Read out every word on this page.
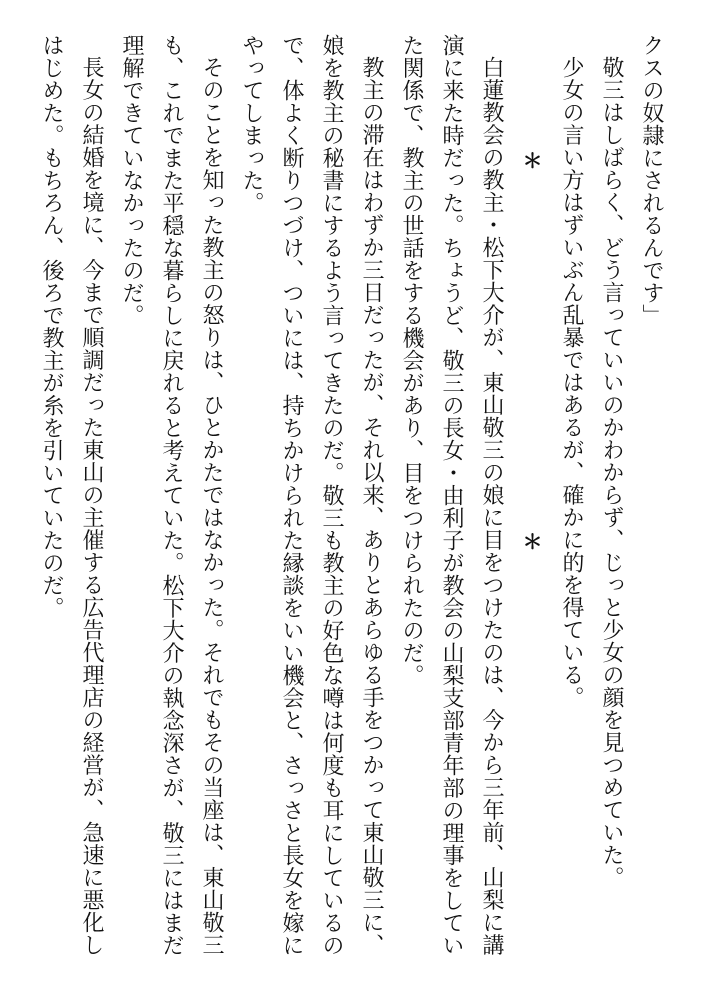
クスの奴隷にされるんです」
敬三はしばらく、どう言っていいのかわからず、じっと少女の顔を見つめていた。
少女の言い方はずいぶん乱暴ではあるが、確かに的を得ている。
＊＊
白蓮教会の教主・松下大介が、東山敬三の娘に目をつけたのは、今から三年前、山梨に講
演に来た時だった。ちょうど、敬三の長女・由利子が教会の山梨支部青年部の理事をしてい
た関係で、教主の世話をする機会があり、目をつけられたのだ。
教主の滞在はわずか三日だったが、それ以来、ありとあらゆる手をつかって東山敬三に、
娘を教主の秘書にするよう言ってきたのだ。敬三も教主の好色な噂は何度も耳にしているの
で、体よく断りつづけ、ついには、持ちかけられた縁談をいい機会と、さっさと長女を嫁に
やってしまった。
そのことを知った教主の怒りは、ひとかたではなかった。それでもその当座は、東山敬三
も、これでまた平穏な暮らしに戻れると考えていた。松下大介の執念深さが、敬三にはまだ
理解できていなかったのだ。
長女の結婚を境に、今まで順調だった東山の主催する広告代理店の経営が、急速に悪化し
はじめた。もちろん、後ろで教主が糸を引いていたのだ。
